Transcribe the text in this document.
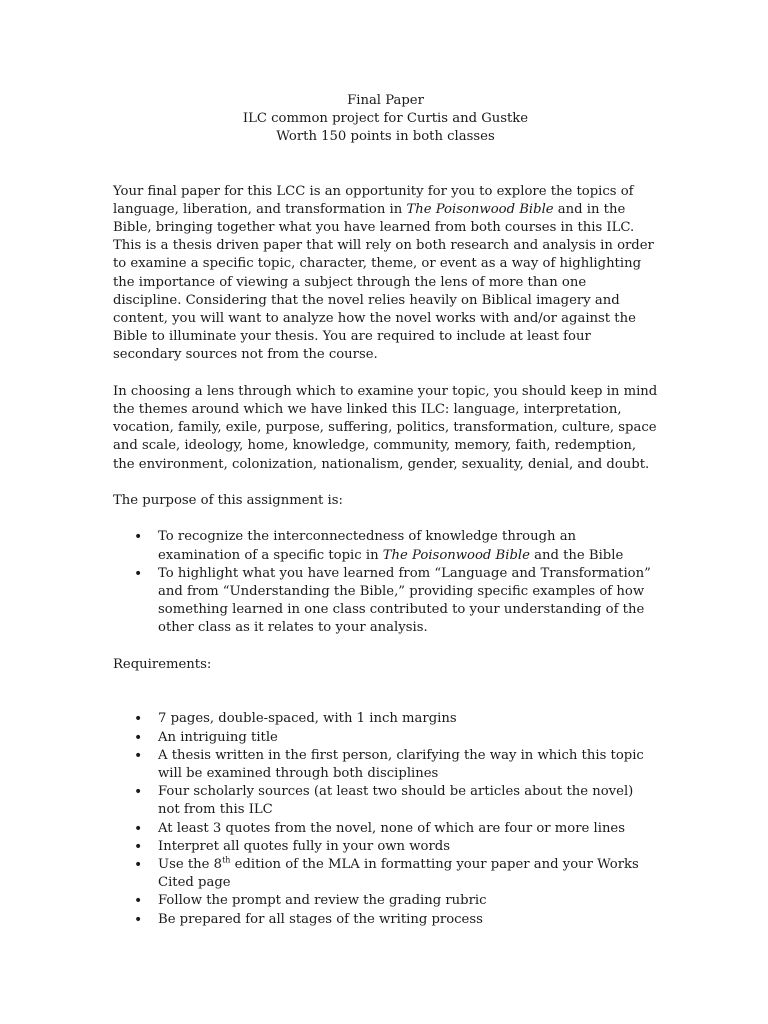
Final Paper
ILC common project for Curtis and Gustke
Worth 150 points in both classes

Your final paper for this LCC is an opportunity for you to explore the topics of language, liberation, and transformation in The Poisonwood Bible and in the Bible, bringing together what you have learned from both courses in this ILC. This is a thesis driven paper that will rely on both research and analysis in order to examine a specific topic, character, theme, or event as a way of highlighting the importance of viewing a subject through the lens of more than one discipline. Considering that the novel relies heavily on Biblical imagery and content, you will want to analyze how the novel works with and/or against the Bible to illuminate your thesis. You are required to include at least four secondary sources not from the course.

In choosing a lens through which to examine your topic, you should keep in mind the themes around which we have linked this ILC: language, interpretation, vocation, family, exile, purpose, suffering, politics, transformation, culture, space and scale, ideology, home, knowledge, community, memory, faith, redemption, the environment, colonization, nationalism, gender, sexuality, denial, and doubt.

The purpose of this assignment is:

• To recognize the interconnectedness of knowledge through an examination of a specific topic in The Poisonwood Bible and the Bible
• To highlight what you have learned from “Language and Transformation” and from “Understanding the Bible,” providing specific examples of how something learned in one class contributed to your understanding of the other class as it relates to your analysis.

Requirements:

• 7 pages, double-spaced, with 1 inch margins
• An intriguing title
• A thesis written in the first person, clarifying the way in which this topic will be examined through both disciplines
• Four scholarly sources (at least two should be articles about the novel) not from this ILC
• At least 3 quotes from the novel, none of which are four or more lines
• Interpret all quotes fully in your own words
• Use the 8th edition of the MLA in formatting your paper and your Works Cited page
• Follow the prompt and review the grading rubric
• Be prepared for all stages of the writing process
